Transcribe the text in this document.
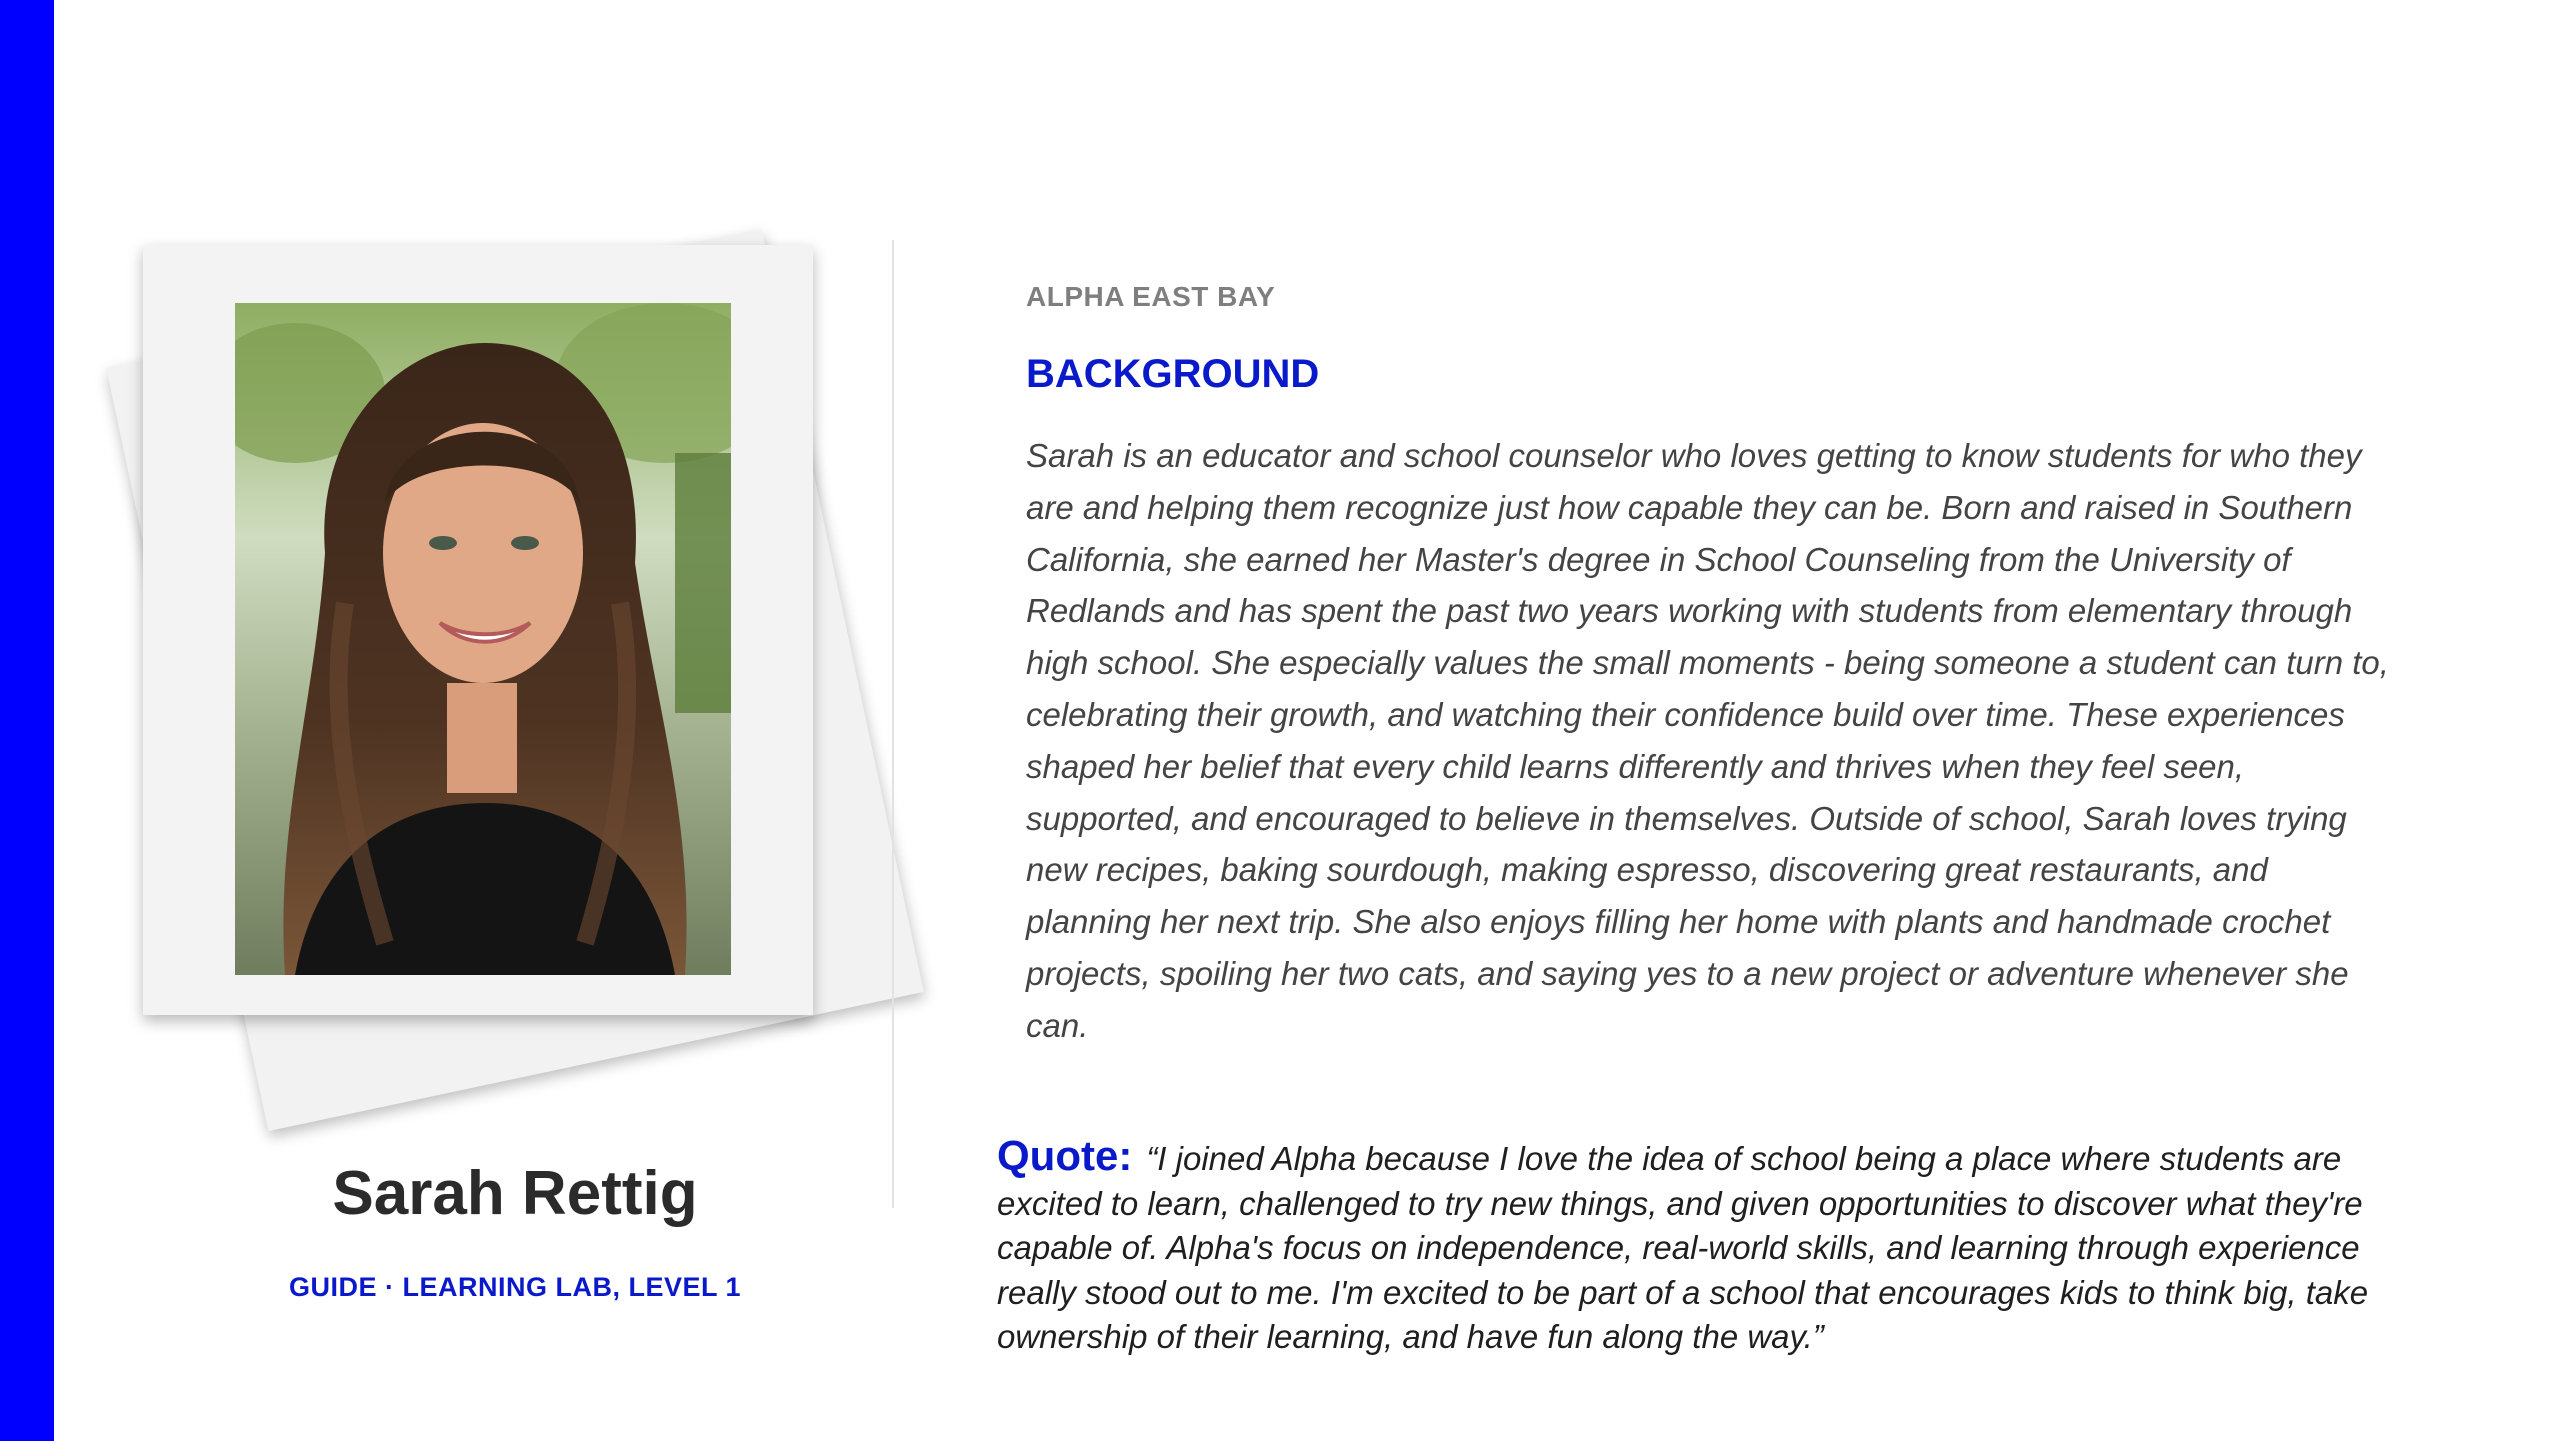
Sarah Rettig
GUIDE · LEARNING LAB, LEVEL 1
ALPHA EAST BAY
BACKGROUND
Sarah is an educator and school counselor who loves getting to know students for who they are and helping them recognize just how capable they can be. Born and raised in Southern California, she earned her Master's degree in School Counseling from the University of Redlands and has spent the past two years working with students from elementary through high school. She especially values the small moments - being someone a student can turn to, celebrating their growth, and watching their confidence build over time. These experiences shaped her belief that every child learns differently and thrives when they feel seen, supported, and encouraged to believe in themselves. Outside of school, Sarah loves trying new recipes, baking sourdough, making espresso, discovering great restaurants, and planning her next trip. She also enjoys filling her home with plants and handmade crochet projects, spoiling her two cats, and saying yes to a new project or adventure whenever she can.
Quote: “I joined Alpha because I love the idea of school being a place where students are excited to learn, challenged to try new things, and given opportunities to discover what they're capable of. Alpha's focus on independence, real-world skills, and learning through experience really stood out to me. I'm excited to be part of a school that encourages kids to think big, take ownership of their learning, and have fun along the way.”
